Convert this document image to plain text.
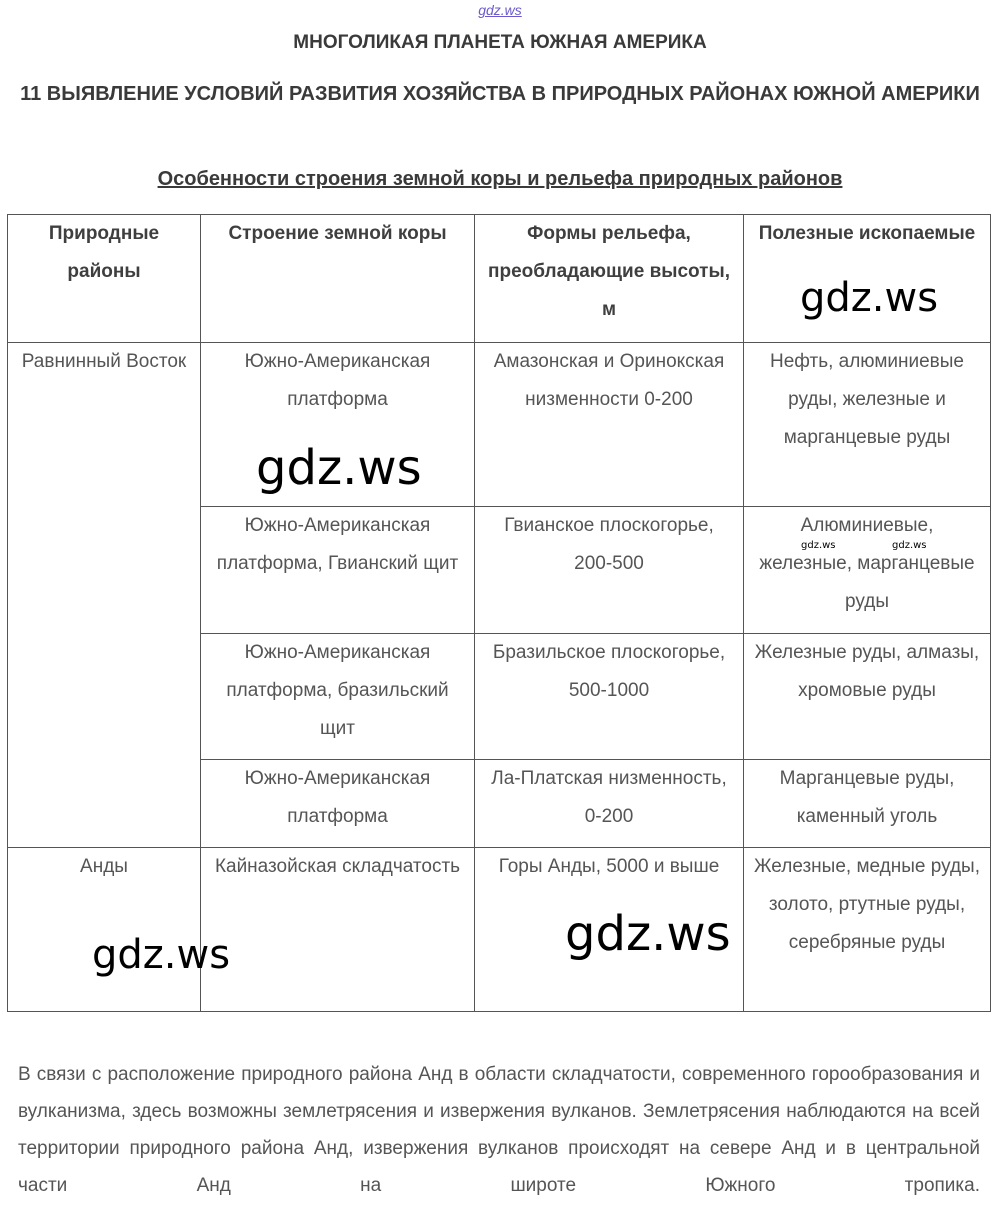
gdz.ws
МНОГОЛИКАЯ ПЛАНЕТА ЮЖНАЯ АМЕРИКА
11 ВЫЯВЛЕНИЕ УСЛОВИЙ РАЗВИТИЯ ХОЗЯЙСТВА В ПРИРОДНЫХ РАЙОНАХ ЮЖНОЙ АМЕРИКИ
Особенности строения земной коры и рельефа природных районов
Природные районы	Строение земной коры	Формы рельефа, преобладающие высоты, м	Полезные ископаемые
Равнинный Восток	Южно-Американская платформа	Амазонская и Оринокская низменности 0-200	Нефть, алюминиевые руды, железные и марганцевые руды
	Южно-Американская платформа, Гвианский щит	Гвианское плоскогорье, 200-500	Алюминиевые, железные, марганцевые руды
	Южно-Американская платформа, бразильский щит	Бразильское плоскогорье, 500-1000	Железные руды, алмазы, хромовые руды
	Южно-Американская платформа	Ла-Платская низменность, 0-200	Марганцевые руды, каменный уголь
Анды	Кайназойская складчатость	Горы Анды, 5000 и выше	Железные, медные руды, золото, ртутные руды, серебряные руды
gdz.ws
gdz.ws
gdz.ws	gdz.ws
gdz.ws	gdz.ws
В связи с расположение природного района Анд в области складчатости, современного горообразования и вулканизма, здесь возможны землетрясения и извержения вулканов. Землетрясения наблюдаются на всей территории природного района Анд, извержения вулканов происходят на севере Анд и в центральной части Анд на широте Южного тропика.
